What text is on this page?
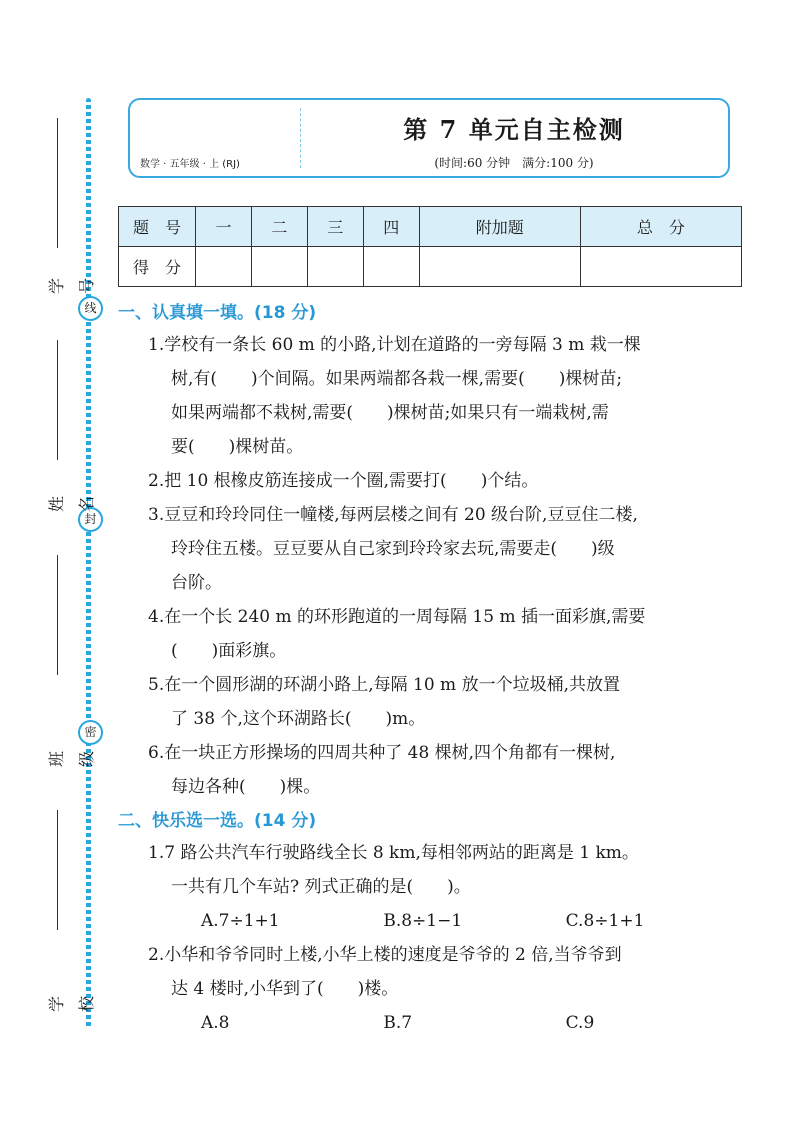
线
封
密
学 号
姓 名
班 级
学 校
数学 · 五年级 · 上 (RJ)
第 7 单元自主检测
(时间:60 分钟　满分:100 分)
题　号	一	二	三	四	附加题	总　分
得　分						
一、认真填一填。(18 分)
1.学校有一条长 60 m 的小路,计划在道路的一旁每隔 3 m 栽一棵
树,有(　　)个间隔。如果两端都各栽一棵,需要(　　)棵树苗;
如果两端都不栽树,需要(　　)棵树苗;如果只有一端栽树,需
要(　　)棵树苗。
2.把 10 根橡皮筋连接成一个圈,需要打(　　)个结。
3.豆豆和玲玲同住一幢楼,每两层楼之间有 20 级台阶,豆豆住二楼,
玲玲住五楼。豆豆要从自己家到玲玲家去玩,需要走(　　)级
台阶。
4.在一个长 240 m 的环形跑道的一周每隔 15 m 插一面彩旗,需要
(　　)面彩旗。
5.在一个圆形湖的环湖小路上,每隔 10 m 放一个垃圾桶,共放置
了 38 个,这个环湖路长(　　)m。
6.在一块正方形操场的四周共种了 48 棵树,四个角都有一棵树,
每边各种(　　)棵。
二、快乐选一选。(14 分)
1.7 路公共汽车行驶路线全长 8 km,每相邻两站的距离是 1 km。
一共有几个车站? 列式正确的是(　　)。
A.7÷1+1	B.8÷1−1	C.8÷1+1
2.小华和爷爷同时上楼,小华上楼的速度是爷爷的 2 倍,当爷爷到
达 4 楼时,小华到了(　　)楼。
A.8	B.7	C.9
